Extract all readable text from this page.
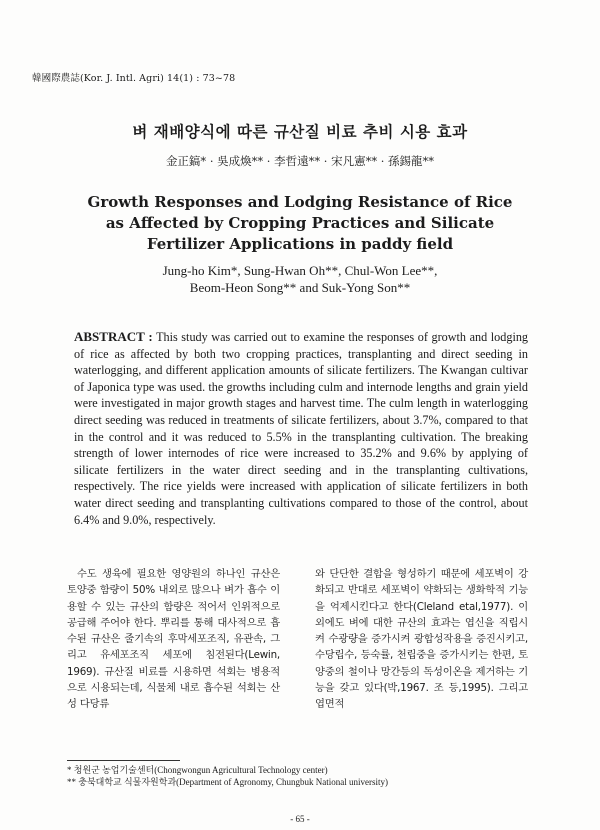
韓國際農誌(Kor. J. Intl. Agri) 14(1) : 73~78
벼 재배양식에 따른 규산질 비료 추비 시용 효과
金正鎬* · 吳成煥** · 李哲遠** · 宋凡憲** · 孫錫龍**
Growth Responses and Lodging Resistance of Rice
as Affected by Cropping Practices and Silicate
Fertilizer Applications in paddy field
Jung-ho Kim*, Sung-Hwan Oh**, Chul-Won Lee**,
Beom-Heon Song** and Suk-Yong Son**
ABSTRACT : This study was carried out to examine the responses of growth and lodging of rice as affected by both two cropping practices, transplanting and direct seeding in waterlogging, and different application amounts of silicate fertilizers. The Kwangan cultivar of Japonica type was used. the growths including culm and internode lengths and grain yield were investigated in major growth stages and harvest time. The culm length in waterlogging direct seeding was reduced in treatments of silicate fertilizers, about 3.7%, compared to that in the control and it was reduced to 5.5% in the transplanting cultivation. The breaking strength of lower internodes of rice were increased to 35.2% and 9.6% by applying of silicate fertilizers in the water direct seeding and in the transplanting cultivations, respectively. The rice yields were increased with application of silicate fertilizers in both water direct seeding and transplanting cultivations compared to those of the control, about 6.4% and 9.0%, respectively.
수도 생육에 필요한 영양원의 하나인 규산은 토양중 함량이 50% 내외로 많으나 벼가 흡수 이용할 수 있는 규산의 함량은 적어서 인위적으로 공급해 주어야 한다. 뿌리를 통해 대사적으로 흡수된 규산은 줄기속의 후막세포조직, 유관속, 그리고 유세포조직 세포에 침전된다(Lewin, 1969). 규산질 비료를 시용하면 석회는 병용적으로 시용되는데, 식물체 내로 흡수된 석회는 산성 다당류
와 단단한 결합을 형성하기 때문에 세포벽이 강화되고 반대로 세포벽이 약화되는 생화학적 기능을 억제시킨다고 한다(Cleland etal,1977). 이 외에도 벼에 대한 규산의 효과는 엽신을 직립시켜 수광량을 증가시켜 광합성작용을 증진시키고, 수당립수, 등숙률, 천립중을 증가시키는 한편, 토양중의 철이나 망간등의 독성이온을 제거하는 기능을 갖고 있다(박,1967. 조 등,1995). 그리고 엽면적
* 청원군 농업기술센터(Chongwongun Agricultural Technology center)
** 충북대학교 식물자원학과(Department of Agronomy, Chungbuk National university)
- 65 -
